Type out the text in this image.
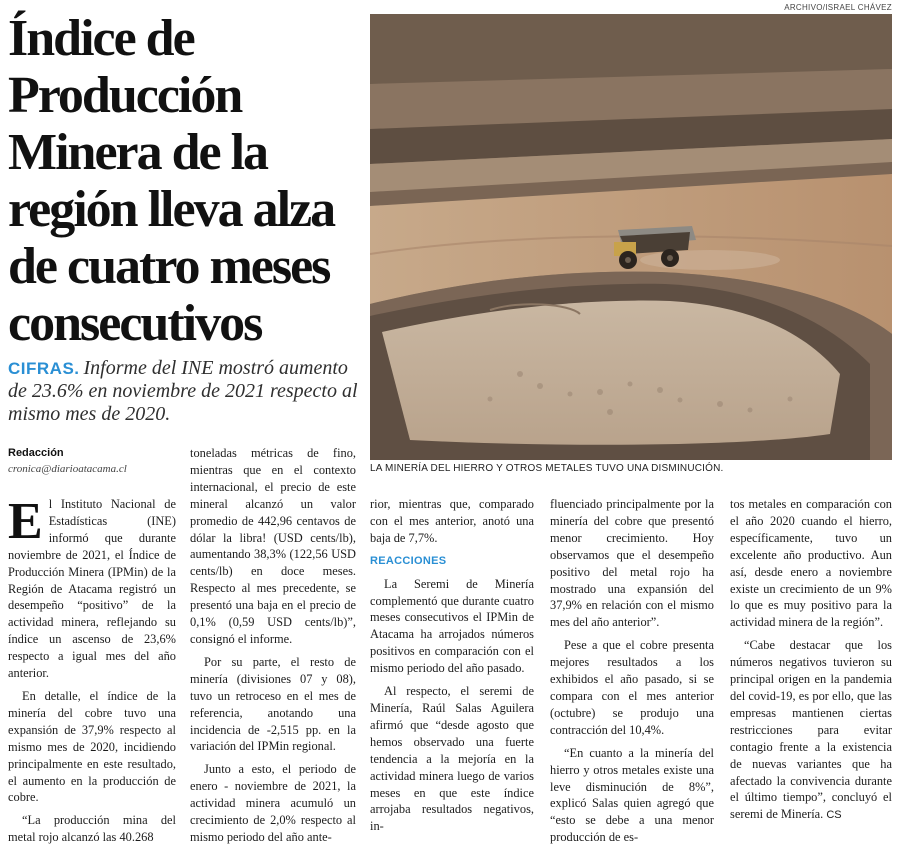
Índice de Producción Minera de la región lleva alza de cuatro meses consecutivos
CIFRAS. Informe del INE mostró aumento de 23.6% en noviembre de 2021 respecto al mismo mes de 2020.
ARCHIVO/ISRAEL CHÁVEZ
LA MINERÍA DEL HIERRO Y OTROS METALES TUVO UNA DISMINUCIÓN.
Redacción
cronica@diarioatacama.cl

El Instituto Nacional de Estadísticas (INE) informó que durante noviembre de 2021, el Índice de Producción Minera (IPMin) de la Región de Atacama registró un desempeño “positivo” de la actividad minera, reflejando su índice un ascenso de 23,6% respecto a igual mes del año anterior.

En detalle, el índice de la minería del cobre tuvo una expansión de 37,9% respecto al mismo mes de 2020, incidiendo principalmente en este resultado, el aumento en la producción de cobre.

“La producción mina del metal rojo alcanzó las 40.268

toneladas métricas de fino, mientras que en el contexto internacional, el precio de este mineral alcanzó un valor promedio de 442,96 centavos de dólar la libra! (USD cents/lb), aumentando 38,3% (122,56 USD cents/lb) en doce meses. Respecto al mes precedente, se presentó una baja en el precio de 0,1% (0,59 USD cents/lb)”, consignó el informe.

Por su parte, el resto de minería (divisiones 07 y 08), tuvo un retroceso en el mes de referencia, anotando una incidencia de -2,515 pp. en la variación del IPMin regional.

Junto a esto, el periodo de enero - noviembre de 2021, la actividad minera acumuló un crecimiento de 2,0% respecto al mismo periodo del año ante-

rior, mientras que, comparado con el mes anterior, anotó una baja de 7,7%.

REACCIONES

La Seremi de Minería complementó que durante cuatro meses consecutivos el IPMin de Atacama ha arrojados números positivos en comparación con el mismo periodo del año pasado.

Al respecto, el seremi de Minería, Raúl Salas Aguilera afirmó que “desde agosto que hemos observado una fuerte tendencia a la mejoría en la actividad minera luego de varios meses en que este índice arrojaba resultados negativos, in-

fluenciado principalmente por la minería del cobre que presentó menor crecimiento. Hoy observamos que el desempeño positivo del metal rojo ha mostrado una expansión del 37,9% en relación con el mismo mes del año anterior”.

Pese a que el cobre presenta mejores resultados a los exhibidos el año pasado, si se compara con el mes anterior (octubre) se produjo una contracción del 10,4%.

“En cuanto a la minería del hierro y otros metales existe una leve disminución de 8%”, explicó Salas quien agregó que “esto se debe a una menor producción de es-

tos metales en comparación con el año 2020 cuando el hierro, específicamente, tuvo un excelente año productivo. Aun así, desde enero a noviembre existe un crecimiento de un 9% lo que es muy positivo para la actividad minera de la región”.

“Cabe destacar que los números negativos tuvieron su principal origen en la pandemia del covid-19, es por ello, que las empresas mantienen ciertas restricciones para evitar contagio frente a la existencia de nuevas variantes que ha afectado la convivencia durante el último tiempo”, concluyó el seremi de Minería. CS
